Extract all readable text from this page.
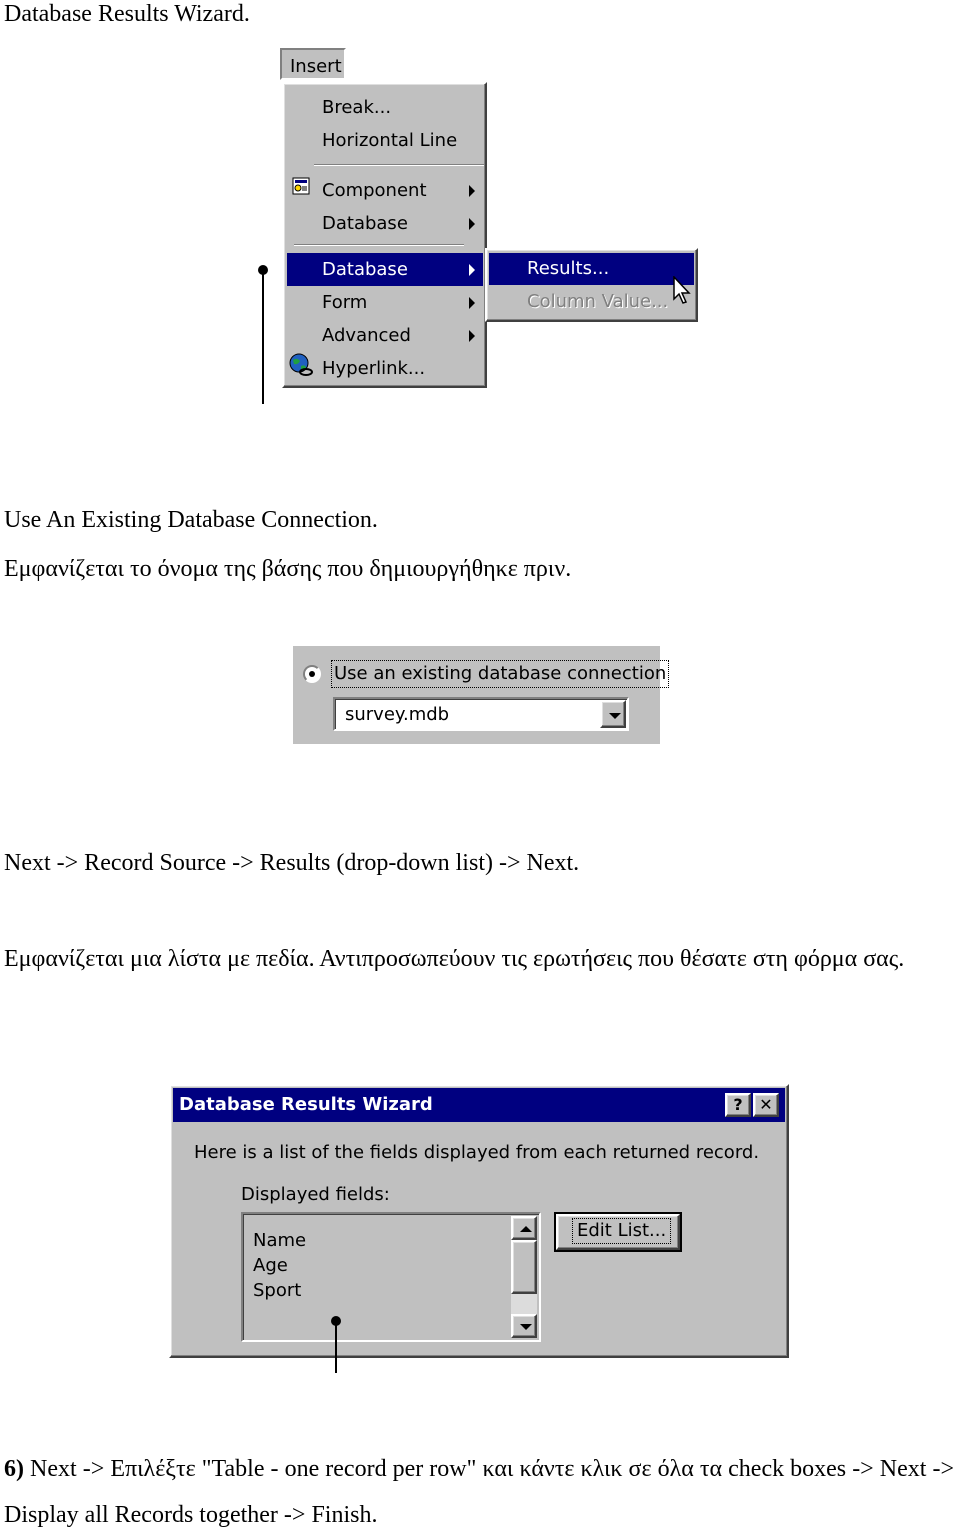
Database Results Wizard.
Insert
Break...
Horizontal Line
Component
Database
Database
Form
Advanced
Hyperlink...
Results...
Column Value...
Use An Existing Database Connection.
Εμφανίζεται το όνομα της βάσης που δημιουργήθηκε πριν.
Use an existing database connection
survey.mdb
Next -> Record Source -> Results (drop-down list) -> Next.
Εμφανίζεται μια λίστα με πεδία. Αντιπροσωπεύουν τις ερωτήσεις που θέσατε στη φόρμα σας.
Database Results Wizard	?	✕
Here is a list of the fields displayed from each returned record.
Displayed fields:
Name
Age
Sport
Edit List...
6) Next -> Επιλέξτε "Table - one record per row" και κάντε κλικ σε όλα τα check boxes -> Next -> Display all Records together -> Finish.
